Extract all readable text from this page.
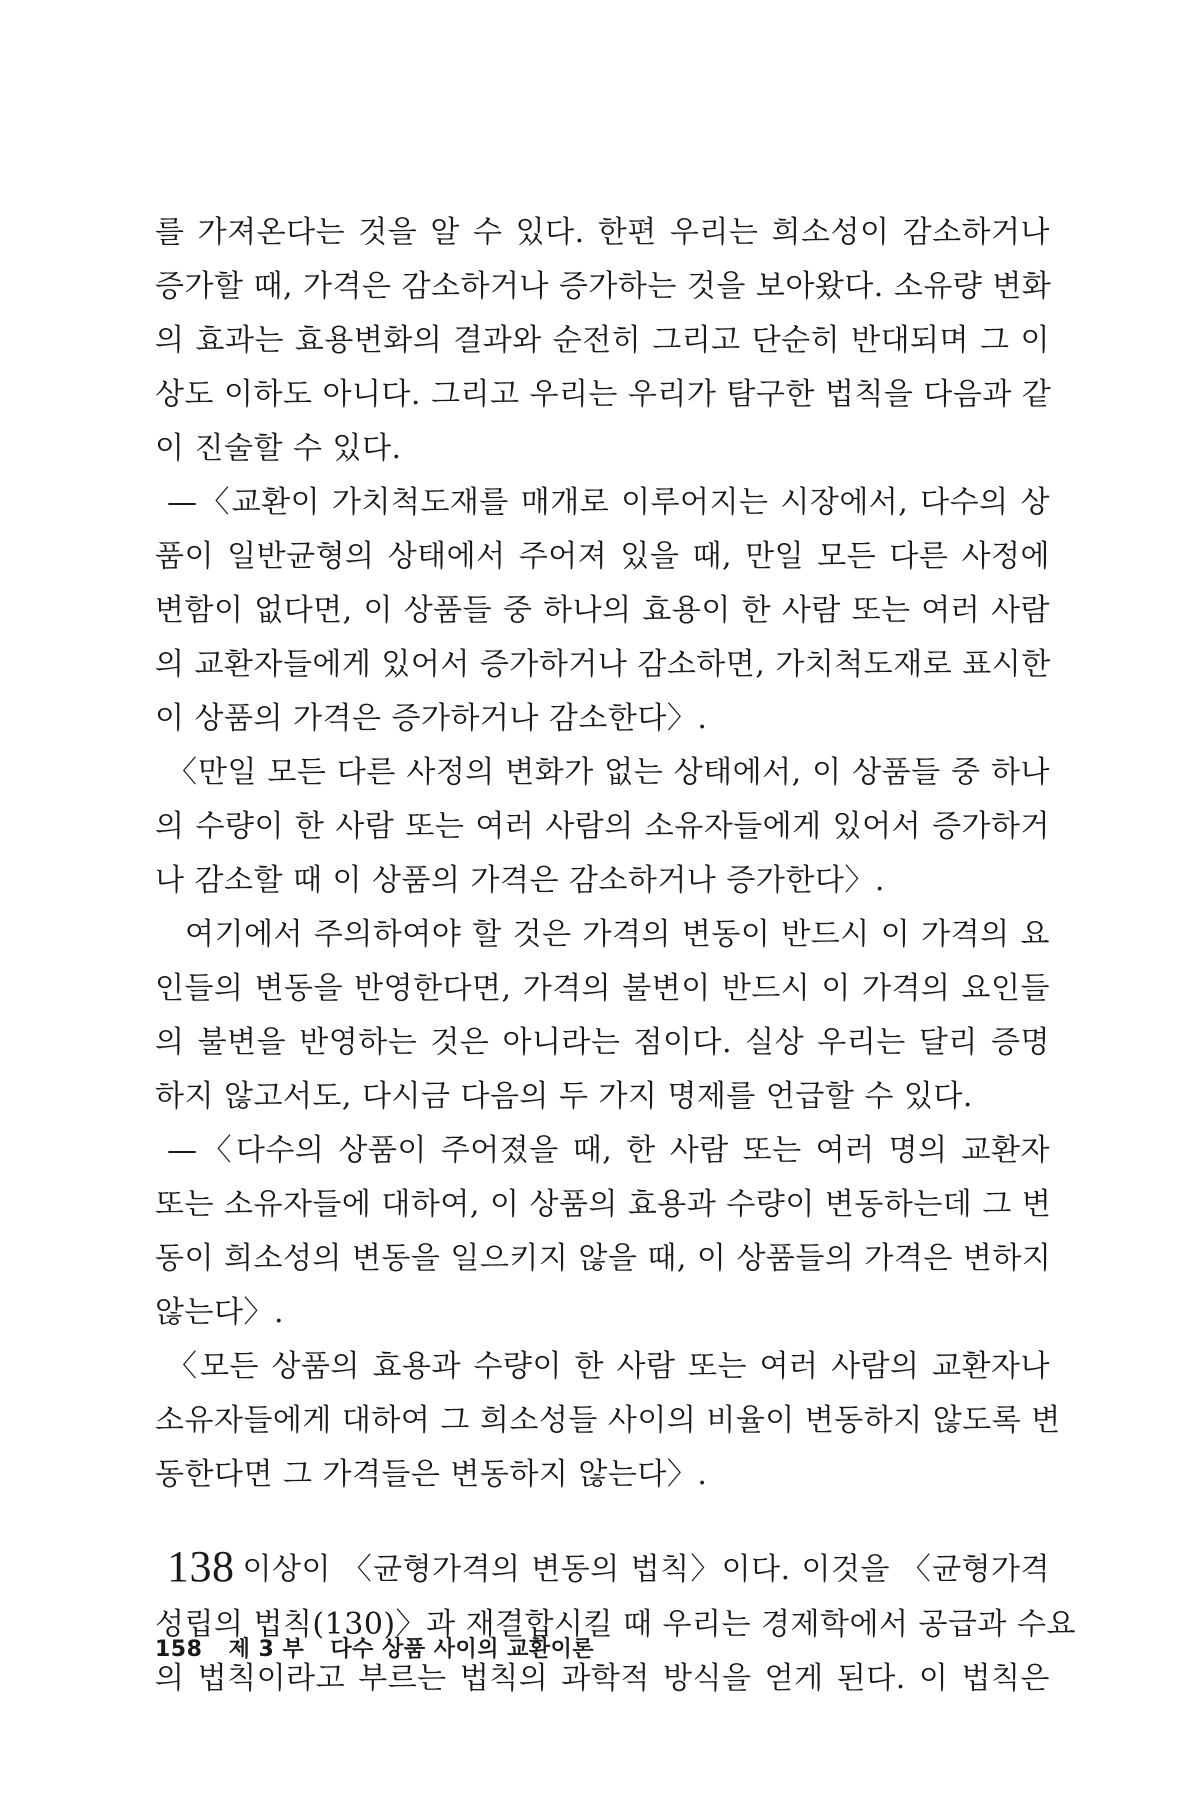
를 가져온다는 것을 알 수 있다. 한편 우리는 희소성이 감소하거나
증가할 때, 가격은 감소하거나 증가하는 것을 보아왔다. 소유량 변화
의 효과는 효용변화의 결과와 순전히 그리고 단순히 반대되며 그 이
상도 이하도 아니다. 그리고 우리는 우리가 탐구한 법칙을 다음과 같
이 진술할 수 있다.
—〈교환이 가치척도재를 매개로 이루어지는 시장에서, 다수의 상
품이 일반균형의 상태에서 주어져 있을 때, 만일 모든 다른 사정에
변함이 없다면, 이 상품들 중 하나의 효용이 한 사람 또는 여러 사람
의 교환자들에게 있어서 증가하거나 감소하면, 가치척도재로 표시한
이 상품의 가격은 증가하거나 감소한다〉.
〈만일 모든 다른 사정의 변화가 없는 상태에서, 이 상품들 중 하나
의 수량이 한 사람 또는 여러 사람의 소유자들에게 있어서 증가하거
나 감소할 때 이 상품의 가격은 감소하거나 증가한다〉.
여기에서 주의하여야 할 것은 가격의 변동이 반드시 이 가격의 요
인들의 변동을 반영한다면, 가격의 불변이 반드시 이 가격의 요인들
의 불변을 반영하는 것은 아니라는 점이다. 실상 우리는 달리 증명
하지 않고서도, 다시금 다음의 두 가지 명제를 언급할 수 있다.
—〈다수의 상품이 주어졌을 때, 한 사람 또는 여러 명의 교환자
또는 소유자들에 대하여, 이 상품의 효용과 수량이 변동하는데 그 변
동이 희소성의 변동을 일으키지 않을 때, 이 상품들의 가격은 변하지
않는다〉.
〈모든 상품의 효용과 수량이 한 사람 또는 여러 사람의 교환자나
소유자들에게 대하여 그 희소성들 사이의 비율이 변동하지 않도록 변
동한다면 그 가격들은 변동하지 않는다〉.
138 이상이 〈균형가격의 변동의 법칙〉이다. 이것을 〈균형가격
성립의 법칙(130)〉과 재결합시킬 때 우리는 경제학에서 공급과 수요
의 법칙이라고 부르는 법칙의 과학적 방식을 얻게 된다. 이 법칙은
158 제 3 부 다수 상품 사이의 교환이론
